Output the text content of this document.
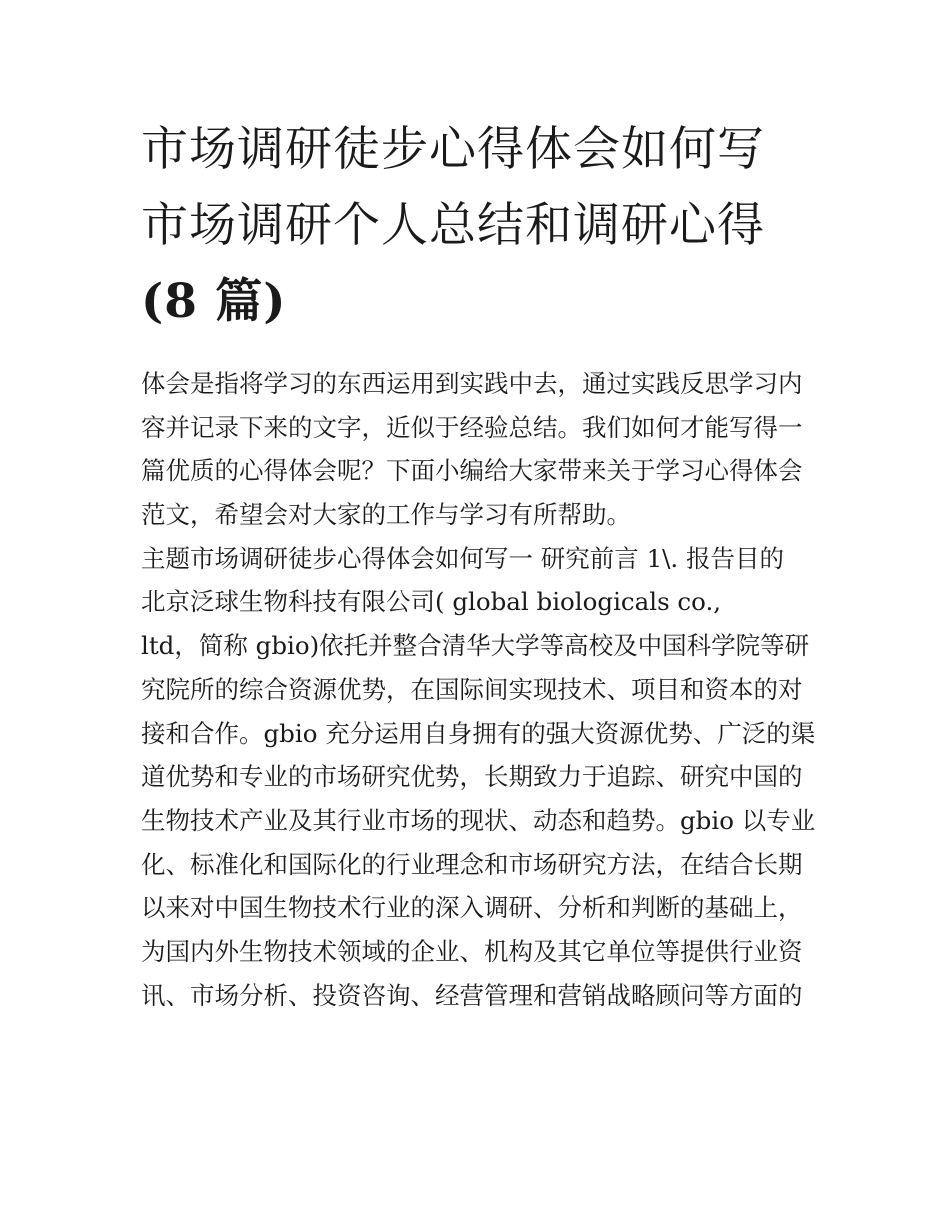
市场调研徒步心得体会如何写
市场调研个人总结和调研心得
(8 篇)
体会是指将学习的东西运用到实践中去，通过实践反思学习内
容并记录下来的文字，近似于经验总结。我们如何才能写得一
篇优质的心得体会呢？下面小编给大家带来关于学习心得体会
范文，希望会对大家的工作与学习有所帮助。
主题市场调研徒步心得体会如何写一 研究前言 1\. 报告目的
北京泛球生物科技有限公司( global biologicals co.,
ltd，简称 gbio)依托并整合清华大学等高校及中国科学院等研
究院所的综合资源优势，在国际间实现技术、项目和资本的对
接和合作。gbio 充分运用自身拥有的强大资源优势、广泛的渠
道优势和专业的市场研究优势，长期致力于追踪、研究中国的
生物技术产业及其行业市场的现状、动态和趋势。gbio 以专业
化、标准化和国际化的行业理念和市场研究方法，在结合长期
以来对中国生物技术行业的深入调研、分析和判断的基础上，
为国内外生物技术领域的企业、机构及其它单位等提供行业资
讯、市场分析、投资咨询、经营管理和营销战略顾问等方面的
